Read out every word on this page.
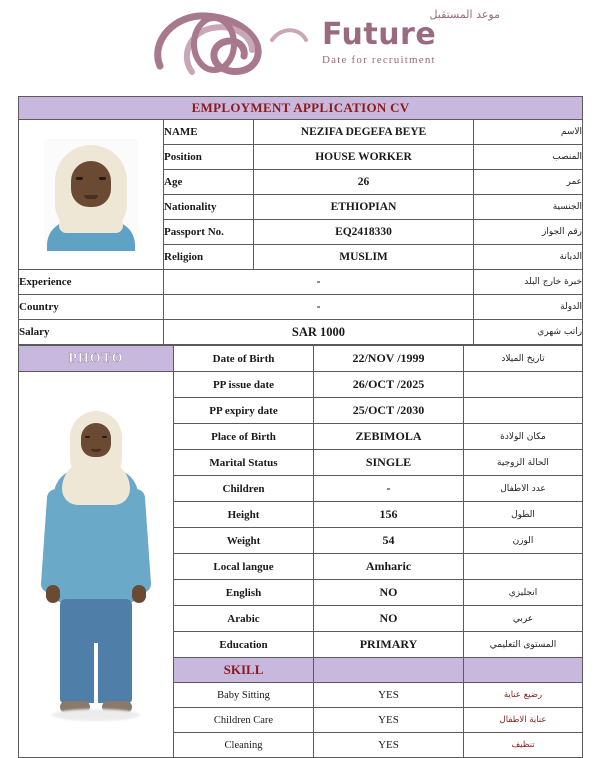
موعد المستقبل
Future
Date for recruitment
EMPLOYMENT APPLICATION CV			

	NAME	NEZIFA DEGEFA BEYE	الاسم
	Position	HOUSE WORKER	المنصب
	Age	26	عمر
	Nationality	ETHIOPIAN	الجنسية
	Passport No.	EQ2418330	رقم الجواز
	Religion	MUSLIM	الديانة
Experience	-		خبرة خارج البلد
Country	-		الدولة
Salary	SAR 1000		راتب شهري
PHOTO	Date of Birth	22/NOV /1999	تاريخ الميلاد

	PP issue date	26/OCT /2025	
	PP expiry date	25/OCT /2030	
	Place of Birth	ZEBIMOLA	مكان الولادة
	Marital Status	SINGLE	الحالة الزوجية
	Children	-	عدد الاطفال
	Height	156	الطول
	Weight	54	الوزن
	Local langue	Amharic	
	English	NO	انجليزي
	Arabic	NO	عربي
	Education	PRIMARY	المستوى التعليمي
	SKILL		
	Baby Sitting	YES	رضيع عناية
	Children Care	YES	عناية الاطفال
	Cleaning	YES	تنظيف
